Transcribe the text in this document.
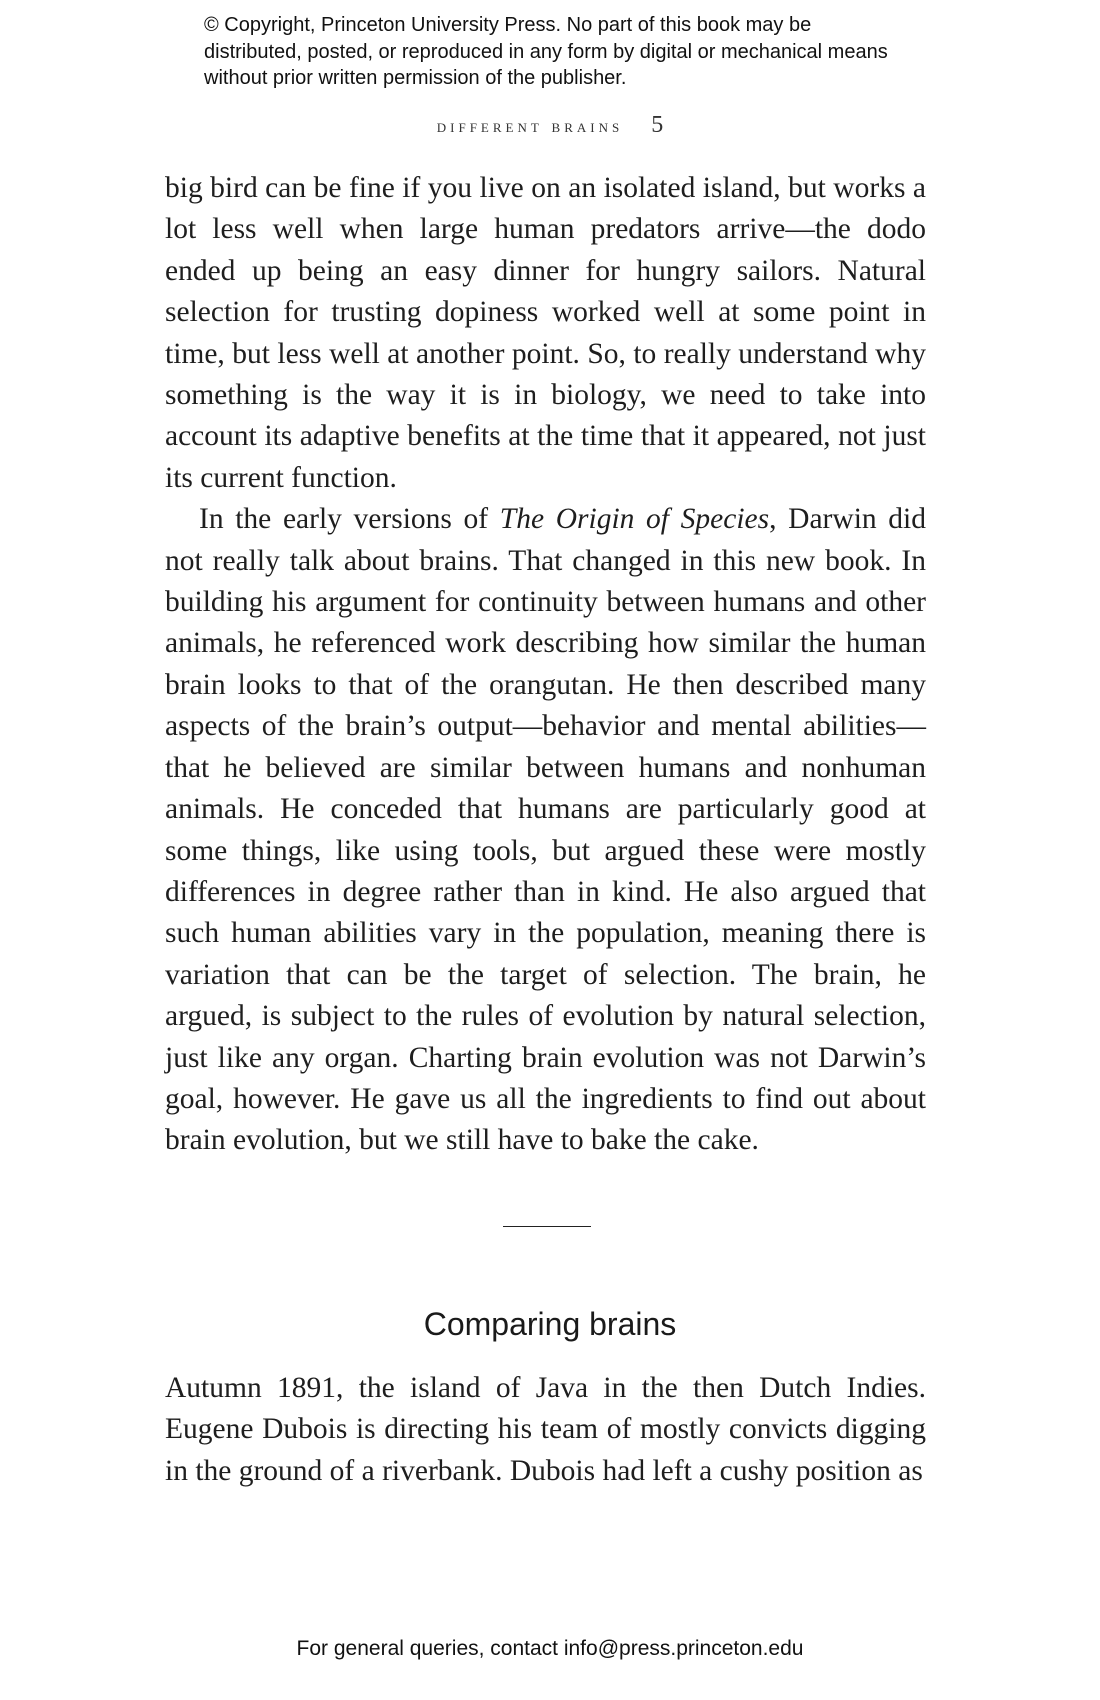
© Copyright, Princeton University Press. No part of this book may be distributed, posted, or reproduced in any form by digital or mechanical means without prior written permission of the publisher.
different brains 5

big bird can be fine if you live on an isolated island, but works a lot less well when large human predators arrive—the dodo ended up being an easy dinner for hungry sailors. Natural selection for trusting dopiness worked well at some point in time, but less well at another point. So, to really understand why something is the way it is in biology, we need to take into account its adaptive benefits at the time that it appeared, not just its current function.

In the early versions of The Origin of Species, Darwin did not really talk about brains. That changed in this new book. In building his argument for continuity between humans and other animals, he referenced work describing how similar the human brain looks to that of the orangutan. He then described many aspects of the brain’s output—behavior and mental abilities—that he believed are similar between humans and nonhuman animals. He conceded that humans are particularly good at some things, like using tools, but argued these were mostly differences in degree rather than in kind. He also argued that such human abilities vary in the population, meaning there is variation that can be the target of selection. The brain, he argued, is subject to the rules of evolution by natural selection, just like any organ. Charting brain evolution was not Darwin’s goal, however. He gave us all the ingredients to find out about brain evolution, but we still have to bake the cake.

Comparing brains

Autumn 1891, the island of Java in the then Dutch Indies. Eugene Dubois is directing his team of mostly convicts digging in the ground of a riverbank. Dubois had left a cushy position as

For general queries, contact info@press.princeton.edu
